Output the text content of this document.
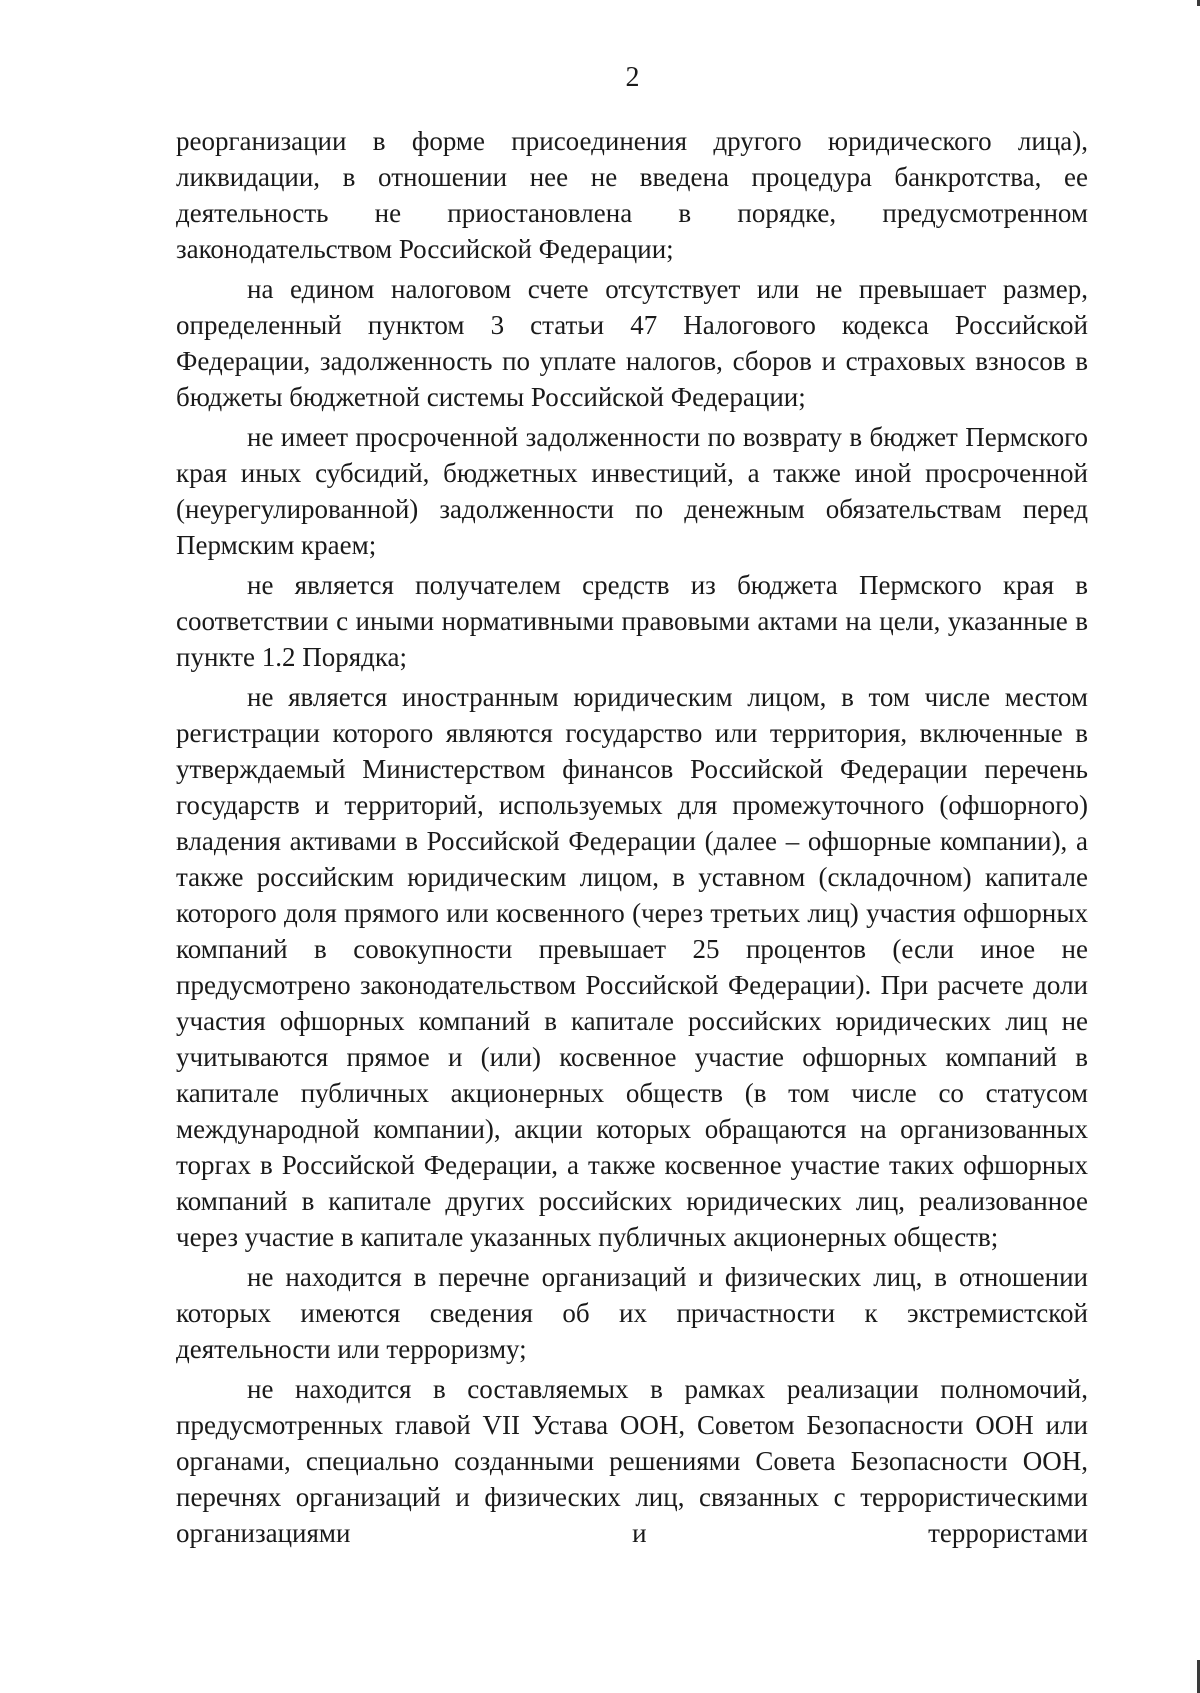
2

реорганизации в форме присоединения другого юридического лица), ликвидации, в отношении нее не введена процедура банкротства, ее деятельность не приостановлена в порядке, предусмотренном законодательством Российской Федерации;

на едином налоговом счете отсутствует или не превышает размер, определенный пунктом 3 статьи 47 Налогового кодекса Российской Федерации, задолженность по уплате налогов, сборов и страховых взносов в бюджеты бюджетной системы Российской Федерации;

не имеет просроченной задолженности по возврату в бюджет Пермского края иных субсидий, бюджетных инвестиций, а также иной просроченной (неурегулированной) задолженности по денежным обязательствам перед Пермским краем;

не является получателем средств из бюджета Пермского края в соответствии с иными нормативными правовыми актами на цели, указанные в пункте 1.2 Порядка;

не является иностранным юридическим лицом, в том числе местом регистрации которого являются государство или территория, включенные в утверждаемый Министерством финансов Российской Федерации перечень государств и территорий, используемых для промежуточного (офшорного) владения активами в Российской Федерации (далее – офшорные компании), а также российским юридическим лицом, в уставном (складочном) капитале которого доля прямого или косвенного (через третьих лиц) участия офшорных компаний в совокупности превышает 25 процентов (если иное не предусмотрено законодательством Российской Федерации). При расчете доли участия офшорных компаний в капитале российских юридических лиц не учитываются прямое и (или) косвенное участие офшорных компаний в капитале публичных акционерных обществ (в том числе со статусом международной компании), акции которых обращаются на организованных торгах в Российской Федерации, а также косвенное участие таких офшорных компаний в капитале других российских юридических лиц, реализованное через участие в капитале указанных публичных акционерных обществ;

не находится в перечне организаций и физических лиц, в отношении которых имеются сведения об их причастности к экстремистской деятельности или терроризму;

не находится в составляемых в рамках реализации полномочий, предусмотренных главой VII Устава ООН, Советом Безопасности ООН или органами, специально созданными решениями Совета Безопасности ООН, перечнях организаций и физических лиц, связанных с террористическими организациями и террористами
